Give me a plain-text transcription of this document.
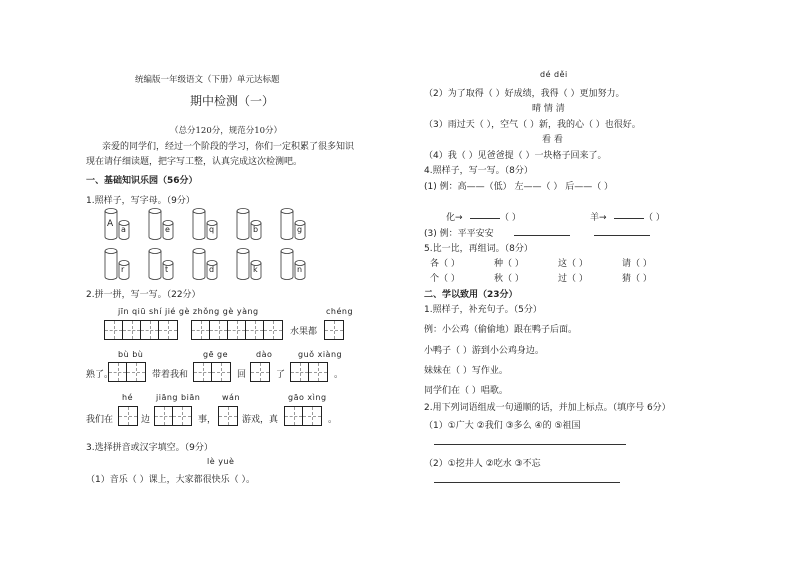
统编版一年级语文（下册）单元达标题
期中检测（一）
（总分120分，规范分10分）
亲爱的同学们，经过一个阶段的学习，你们一定积累了很多知识
现在请仔细读题，把字写工整，认真完成这次检测吧。
一、基础知识乐园（56分）
1.照样子，写字母。（9分）
A
a	e	q	b	g
r	t	d	k	n
2.拼一拼，写一写。（22分）
jīn qiū shí jié gè zhǒng gè yàng	chéng
水果都
bù bù	gē ge	dào	guǒ xiàng
熟了。	带着我和	回	了	。
hé	jiāng biān	wán	gāo xìng
我们在	边	事，	游戏，真	。
3.选择拼音或汉字填空。（9分）
lè yuè
（1）音乐（ ）课上，大家都很快乐（ ）。
dé děi
（2）为了取得（ ）好成绩，我得（ ）更加努力。
晴 情 清
（3）雨过天（ ），空气（ ）新，我的心（ ）也很好。
看 看
（4）我（ ）见爸爸提（ ）一块格子回来了。
4.照样子，写一写。（8分）
(1) 例：高——（低） 左——（ ） 后——（ ）
化→	（ ）	羊→	（ ）
(3) 例：平平安安
5.比一比，再组词。（8分）
各（ ）	种（ ）	这（ ）	请（ ）
个（ ）	秋（ ）	过（ ）	猜（ ）
二、学以致用（23分）
1.照样子，补充句子。（5分）
例：小公鸡（偷偷地）跟在鸭子后面。
小鸭子（ ）游到小公鸡身边。
妹妹在（ ）写作业。
同学们在（ ）唱歌。
2.用下列词语组成一句通顺的话，并加上标点。（填序号 6分）
（1）①广大 ②我们 ③多么 ④的 ⑤祖国
（2）①挖井人 ②吃水 ③不忘
